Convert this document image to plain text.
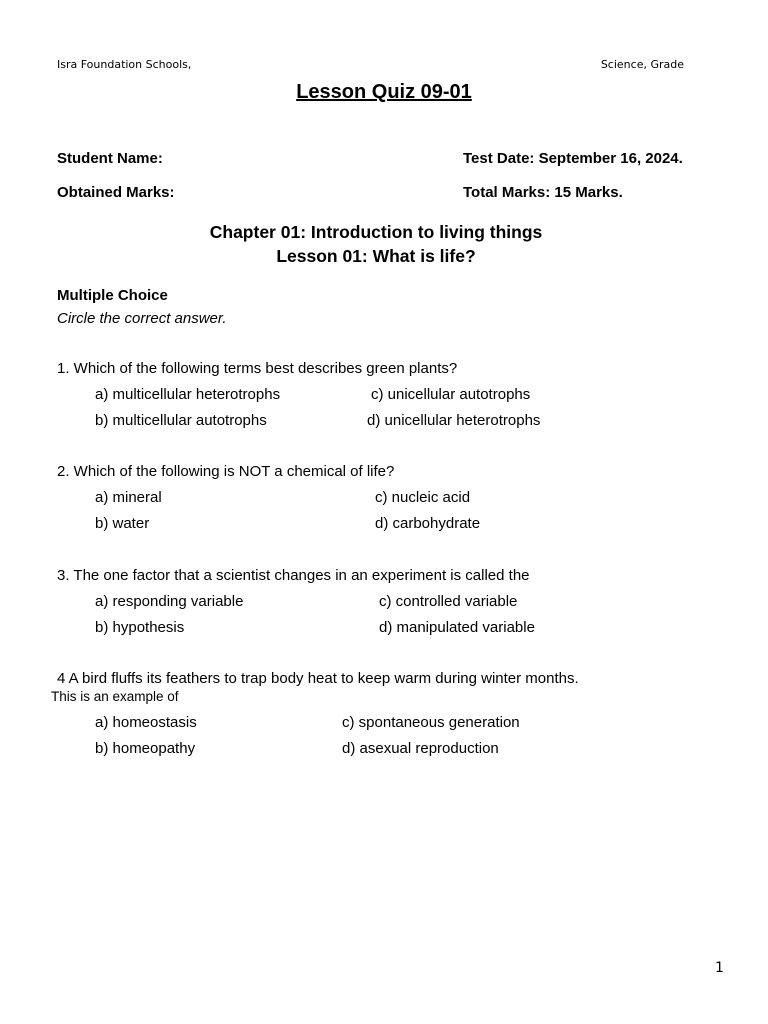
Isra Foundation Schools,	Science, Grade
Lesson Quiz 09-01
Student Name:	Test Date: September 16, 2024.
Obtained Marks:	Total Marks: 15 Marks.
Chapter 01: Introduction to living things
Lesson 01: What is life?
Multiple Choice
Circle the correct answer.
1. Which of the following terms best describes green plants?
a) multicellular heterotrophs	c) unicellular autotrophs
b) multicellular autotrophs	d) unicellular heterotrophs
2. Which of the following is NOT a chemical of life?
a) mineral	c) nucleic acid
b) water	d) carbohydrate
3. The one factor that a scientist changes in an experiment is called the
a) responding variable	c) controlled variable
b) hypothesis	d) manipulated variable
4 A bird fluffs its feathers to trap body heat to keep warm during winter months.
This is an example of
a) homeostasis	c) spontaneous generation
b) homeopathy	d) asexual reproduction
1
